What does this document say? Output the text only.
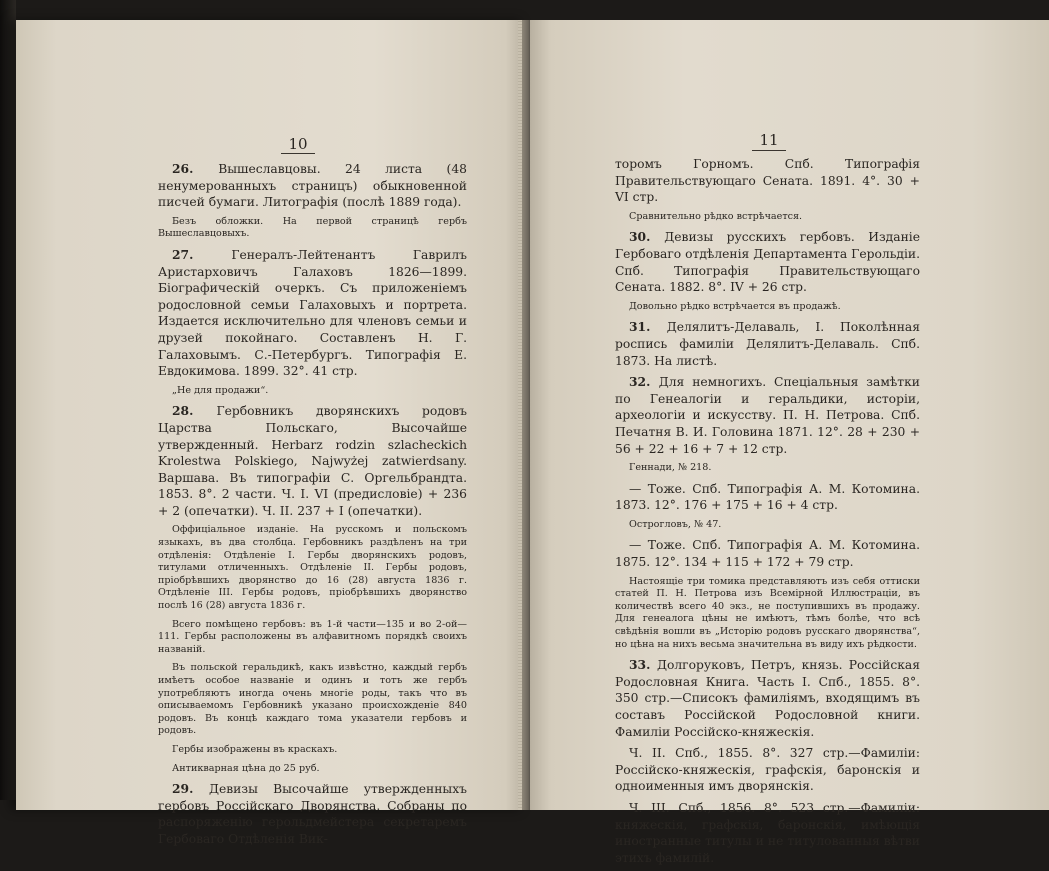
10
26. Вышеславцовы. 24 листа (48 ненумерованныхъ страницъ) обыкновенной писчей бумаги. Литографія (послѣ 1889 года).
Безъ обложки. На первой страницѣ гербъ Вышеславцовыхъ.
27. Генералъ-Лейтенантъ Гаврилъ Аристарховичъ Галаховъ 1826—1899. Біографическій очеркъ. Съ приложеніемъ родословной семьи Галаховыхъ и портрета. Издается исключительно для членовъ семьи и друзей покойнаго. Составленъ Н. Г. Галаховымъ. С.-Петербургъ. Типографія Е. Евдокимова. 1899. 32°. 41 стр.
„Не для продажи“.
28. Гербовникъ дворянскихъ родовъ Царства Польскаго, Высочайше утвержденный. Herbarz rodzin szlacheckich Krolestwa Polskiego, Najwyżej zatwierdsany. Варшава. Въ типографіи С. Оргельбрандта. 1853. 8°. 2 части. Ч. I. VI (предисловіе) + 236 + 2 (опечатки). Ч. II. 237 + I (опечатки).
Оффиціальное изданіе. На русскомъ и польскомъ языкахъ, въ два столбца. Гербовникъ раздѣленъ на три отдѣленія: Отдѣленіе I. Гербы дворянскихъ родовъ, титулами отличенныхъ. Отдѣленіе II. Гербы родовъ, пріобрѣвшихъ дворянство до 16 (28) августа 1836 г. Отдѣленіе III. Гербы родовъ, пріобрѣвшихъ дворянство послѣ 16 (28) августа 1836 г.
Всего помѣщено гербовъ: въ 1-й части—135 и во 2-ой—111. Гербы расположены въ алфавитномъ порядкѣ своихъ названій.
Въ польской геральдикѣ, какъ извѣстно, каждый гербъ имѣетъ особое названіе и одинъ и тотъ же гербъ употребляютъ иногда очень многіе роды, такъ что въ описываемомъ Гербовникѣ указано происхожденіе 840 родовъ. Въ концѣ каждаго тома указатели гербовъ и родовъ.
Гербы изображены въ краскахъ.
Антикварная цѣна до 25 руб.
29. Девизы Высочайше утвержденныхъ гербовъ Россійскаго Дворянства. Собраны по распоряженію герольдмейстера секретаремъ Гербоваго Отдѣленія Вик-
11
торомъ Горномъ. Спб. Типографія Правительствующаго Сената. 1891. 4°. 30 + VI стр.
Сравнительно рѣдко встрѣчается.
30. Девизы русскихъ гербовъ. Изданіе Гербоваго отдѣленія Департамента Герольдіи. Спб. Типографія Правительствующаго Сената. 1882. 8°. IV + 26 стр.
Довольно рѣдко встрѣчается въ продажѣ.
31. Делялитъ-Делаваль, I. Поколѣнная роспись фамиліи Делялитъ-Делаваль. Спб. 1873. На листѣ.
32. Для немногихъ. Спеціальныя замѣтки по Генеалогіи и геральдики, исторіи, археологіи и искусству. П. Н. Петрова. Спб. Печатня В. И. Головина 1871. 12°. 28 + 230 + 56 + 22 + 16 + 7 + 12 стр.
Геннади, № 218.
— Тоже. Спб. Типографія А. М. Котомина. 1873. 12°. 176 + 175 + 16 + 4 стр.
Острогловъ, № 47.
— Тоже. Спб. Типографія А. М. Котомина. 1875. 12°. 134 + 115 + 172 + 79 стр.
Настоящіе три томика представляютъ изъ себя оттиски статей П. Н. Петрова изъ Всемірной Иллюстраціи, въ количествѣ всего 40 экз., не поступившихъ въ продажу. Для генеалога цѣны не имѣютъ, тѣмъ болѣе, что всѣ свѣдѣнія вошли въ „Исторію родовъ русскаго дворянства“, но цѣна на нихъ весьма значительна въ виду ихъ рѣдкости.
33. Долгоруковъ, Петръ, князь. Россійская Родословная Книга. Часть I. Спб., 1855. 8°. 350 стр.—Списокъ фамиліямъ, входящимъ въ составъ Россійской Родословной книги. Фамиліи Россійско-княжескія.
Ч. II. Спб., 1855. 8°. 327 стр.—Фамиліи: Россійско-княжескія, графскія, баронскія и одноименныя имъ дворянскія.
Ч. III. Спб., 1856. 8°. 523 стр.—Фамиліи: княжескія, графскія, баронскія, имѣющія иностранные титулы и не титулованныя вѣтви этихъ фамилій.
